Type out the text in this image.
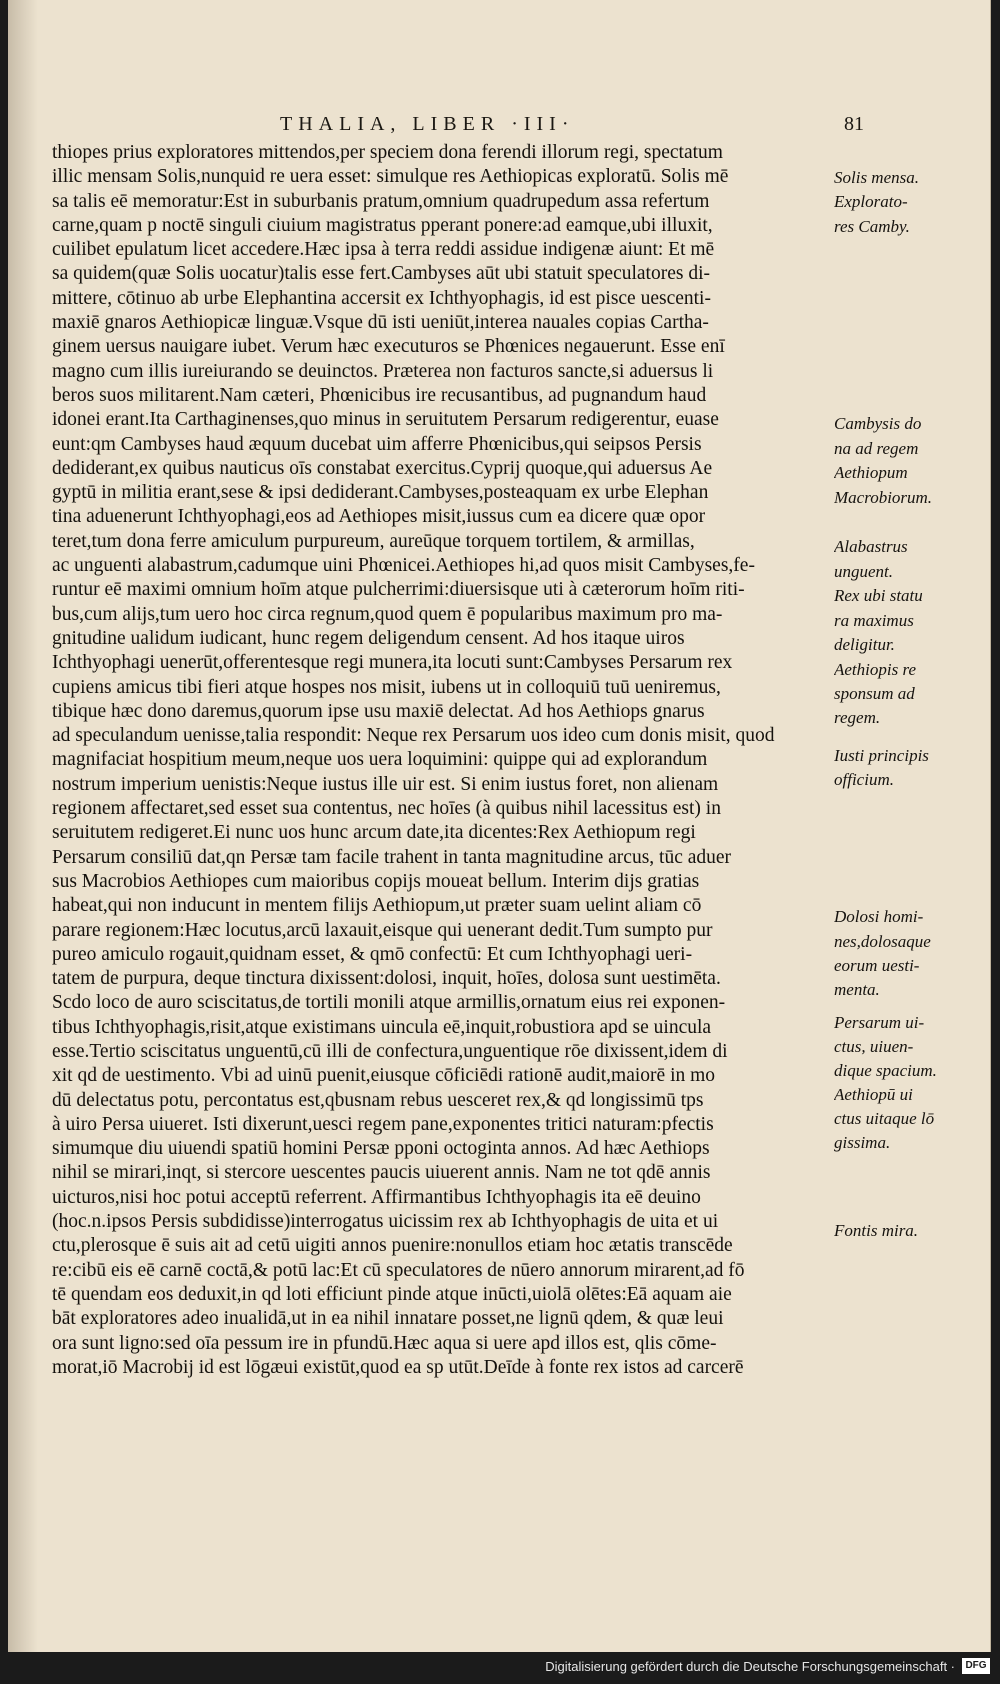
THALIA, LIBER ·III·	81
thiopes prius exploratores mittendos,per speciem dona ferendi illorum regi, spectatum
illic mensam Solis,nunquid re uera esset: simulque res Aethiopicas exploratū. Solis mē
sa talis eē memoratur:Est in suburbanis pratum,omnium quadrupedum assa refertum
carne,quam p noctē singuli ciuium magistratus pperant ponere:ad eamque,ubi illuxit,
cuilibet epulatum licet accedere.Hæc ipsa à terra reddi assidue indigenæ aiunt: Et mē
sa quidem(quæ Solis uocatur)talis esse fert.Cambyses aūt ubi statuit speculatores di-
mittere, cōtinuo ab urbe Elephantina accersit ex Ichthyophagis, id est pisce uescenti-
maxiē gnaros Aethiopicæ linguæ.Vsque dū isti ueniūt,interea nauales copias Cartha-
ginem uersus nauigare iubet. Verum hæc executuros se Phœnices negauerunt. Esse enī
magno cum illis iureiurando se deuinctos. Præterea non facturos sancte,si aduersus li
beros suos militarent.Nam cæteri, Phœnicibus ire recusantibus, ad pugnandum haud
idonei erant.Ita Carthaginenses,quo minus in seruitutem Persarum redigerentur, euase
eunt:qm Cambyses haud æquum ducebat uim afferre Phœnicibus,qui seipsos Persis
dediderant,ex quibus nauticus oīs constabat exercitus.Cyprij quoque,qui aduersus Ae
gyptū in militia erant,sese & ipsi dediderant.Cambyses,posteaquam ex urbe Elephan
tina aduenerunt Ichthyophagi,eos ad Aethiopes misit,iussus cum ea dicere quæ opor
teret,tum dona ferre amiculum purpureum, aureūque torquem tortilem, & armillas,
ac unguenti alabastrum,cadumque uini Phœnicei.Aethiopes hi,ad quos misit Cambyses,fe-
runtur eē maximi omnium hoīm atque pulcherrimi:diuersisque uti à cæterorum hoīm riti-
bus,cum alijs,tum uero hoc circa regnum,quod quem ē popularibus maximum pro ma-
gnitudine ualidum iudicant, hunc regem deligendum censent. Ad hos itaque uiros
Ichthyophagi uenerūt,offerentesque regi munera,ita locuti sunt:Cambyses Persarum rex
cupiens amicus tibi fieri atque hospes nos misit, iubens ut in colloquiū tuū ueniremus,
tibique hæc dono daremus,quorum ipse usu maxiē delectat. Ad hos Aethiops gnarus
ad speculandum uenisse,talia respondit: Neque rex Persarum uos ideo cum donis misit, quod
magnifaciat hospitium meum,neque uos uera loquimini: quippe qui ad explorandum
nostrum imperium uenistis:Neque iustus ille uir est. Si enim iustus foret, non alienam
regionem affectaret,sed esset sua contentus, nec hoīes (à quibus nihil lacessitus est) in
seruitutem redigeret.Ei nunc uos hunc arcum date,ita dicentes:Rex Aethiopum regi
Persarum consiliū dat,qn Persæ tam facile trahent in tanta magnitudine arcus, tūc aduer
sus Macrobios Aethiopes cum maioribus copijs moueat bellum. Interim dijs gratias
habeat,qui non inducunt in mentem filijs Aethiopum,ut præter suam uelint aliam cō
parare regionem:Hæc locutus,arcū laxauit,eisque qui uenerant dedit.Tum sumpto pur
pureo amiculo rogauit,quidnam esset, & qmō confectū: Et cum Ichthyophagi ueri-
tatem de purpura, deque tinctura dixissent:dolosi, inquit, hoīes, dolosa sunt uestimēta.
Scdo loco de auro sciscitatus,de tortili monili atque armillis,ornatum eius rei exponen-
tibus Ichthyophagis,risit,atque existimans uincula eē,inquit,robustiora apd se uincula
esse.Tertio sciscitatus unguentū,cū illi de confectura,unguentique rōe dixissent,idem di
xit qd de uestimento. Vbi ad uinū puenit,eiusque cōficiēdi rationē audit,maiorē in mo
dū delectatus potu, percontatus est,qbusnam rebus uesceret rex,& qd longissimū tps
à uiro Persa uiueret. Isti dixerunt,uesci regem pane,exponentes tritici naturam:pfectis
simumque diu uiuendi spatiū homini Persæ pponi octoginta annos. Ad hæc Aethiops
nihil se mirari,inqt, si stercore uescentes paucis uiuerent annis. Nam ne tot qdē annis
uicturos,nisi hoc potui acceptū referrent. Affirmantibus Ichthyophagis ita eē deuino
(hoc.n.ipsos Persis subdidisse)interrogatus uicissim rex ab Ichthyophagis de uita et ui
ctu,plerosque ē suis ait ad cetū uigiti annos puenire:nonullos etiam hoc ætatis transcēde
re:cibū eis eē carnē coctā,& potū lac:Et cū speculatores de nūero annorum mirarent,ad fō
tē quendam eos deduxit,in qd loti efficiunt pinde atque inūcti,uiolā olētes:Eā aquam aie
bāt exploratores adeo inualidā,ut in ea nihil innatare posset,ne lignū qdem, & quæ leui
ora sunt ligno:sed oīa pessum ire in pfundū.Hæc aqua si uere apd illos est, qlis cōme-
morat,iō Macrobij id est lōgæui existūt,quod ea sp utūt.Deīde à fonte rex istos ad carcerē
Solis mensa.
Explorato-
res Camby.
Cambysis do
na ad regem
Aethiopum
Macrobiorum.
Alabastrus
unguent.
Rex ubi statu
ra maximus
deligitur.
Aethiopis re
sponsum ad
regem.
Iusti principis
officium.
Dolosi homi-
nes,dolosaque
eorum uesti-
menta.
Persarum ui-
ctus, uiuen-
dique spacium.
Aethiopū ui
ctus uitaque lō
gissima.
Fontis mira.
Digitalisierung gefördert durch die Deutsche Forschungsgemeinschaft ·	DFG
